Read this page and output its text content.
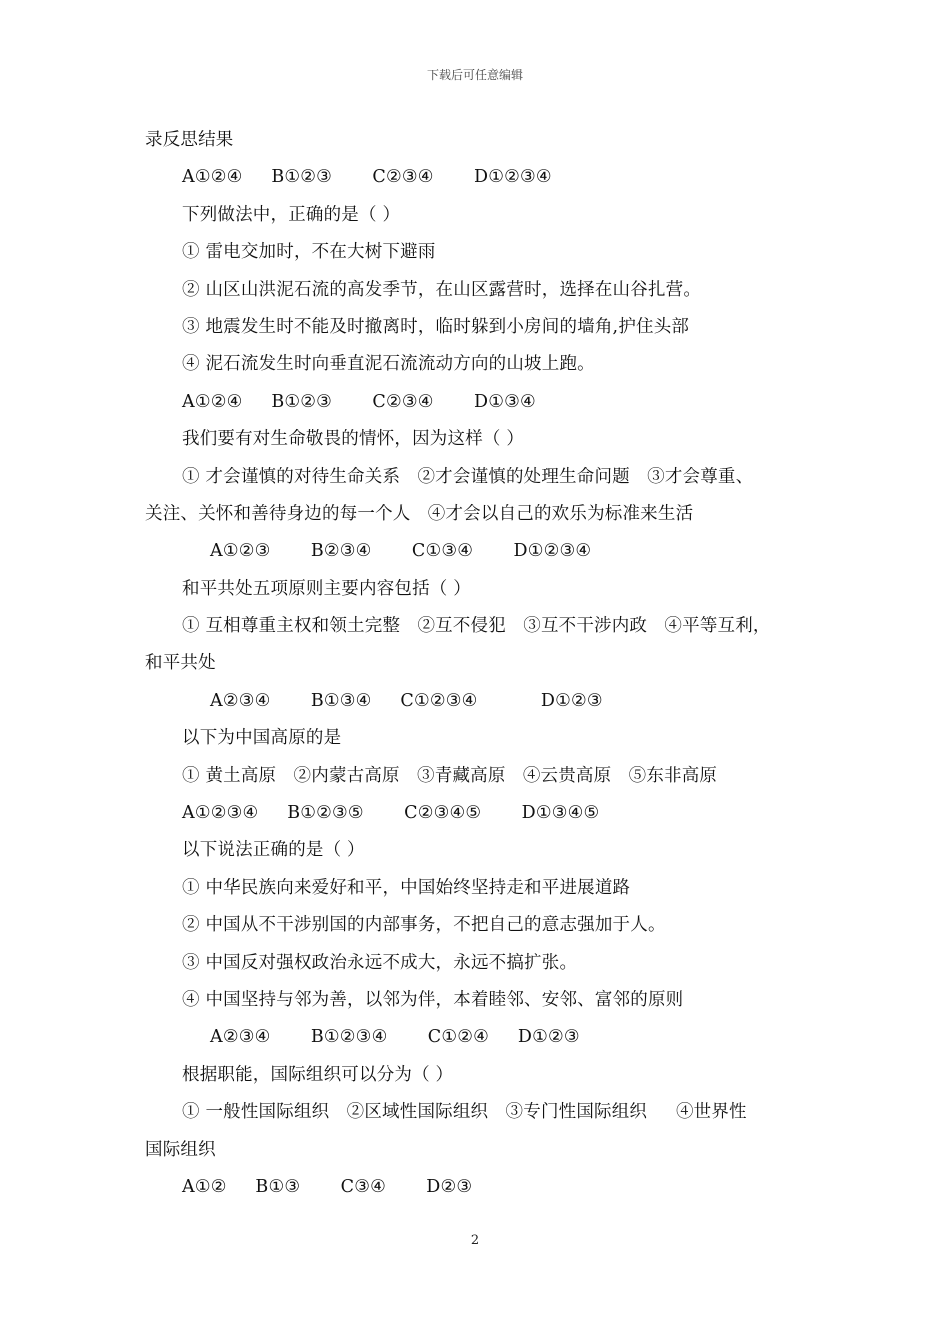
下载后可任意编辑
录反思结果
A①②④     B①②③       C②③④       D①②③④
下列做法中，正确的是（ ）
① 雷电交加时，不在大树下避雨
② 山区山洪泥石流的高发季节，在山区露营时，选择在山谷扎营。
③ 地震发生时不能及时撤离时，临时躲到小房间的墙角,护住头部
④ 泥石流发生时向垂直泥石流流动方向的山坡上跑。
A①②④     B①②③       C②③④       D①③④
我们要有对生命敬畏的情怀，因为这样（ ）
① 才会谨慎的对待生命关系   ②才会谨慎的处理生命问题   ③才会尊重、
关注、关怀和善待身边的每一个人   ④才会以自己的欢乐为标准来生活
A①②③       B②③④       C①③④       D①②③④
和平共处五项原则主要内容包括（ ）
① 互相尊重主权和领土完整   ②互不侵犯   ③互不干涉内政   ④平等互利，
和平共处
A②③④       B①③④     C①②③④           D①②③
以下为中国高原的是
① 黄土高原   ②内蒙古高原   ③青藏高原   ④云贵高原   ⑤东非高原
A①②③④     B①②③⑤       C②③④⑤       D①③④⑤
以下说法正确的是（ ）
① 中华民族向来爱好和平，中国始终坚持走和平进展道路
② 中国从不干涉别国的内部事务，不把自己的意志强加于人。
③ 中国反对强权政治永远不成大，永远不搞扩张。
④ 中国坚持与邻为善，以邻为伴，本着睦邻、安邻、富邻的原则
A②③④       B①②③④       C①②④     D①②③
根据职能，国际组织可以分为（ ）
① 一般性国际组织   ②区域性国际组织   ③专门性国际组织     ④世界性
国际组织
A①②     B①③       C③④       D②③
2
